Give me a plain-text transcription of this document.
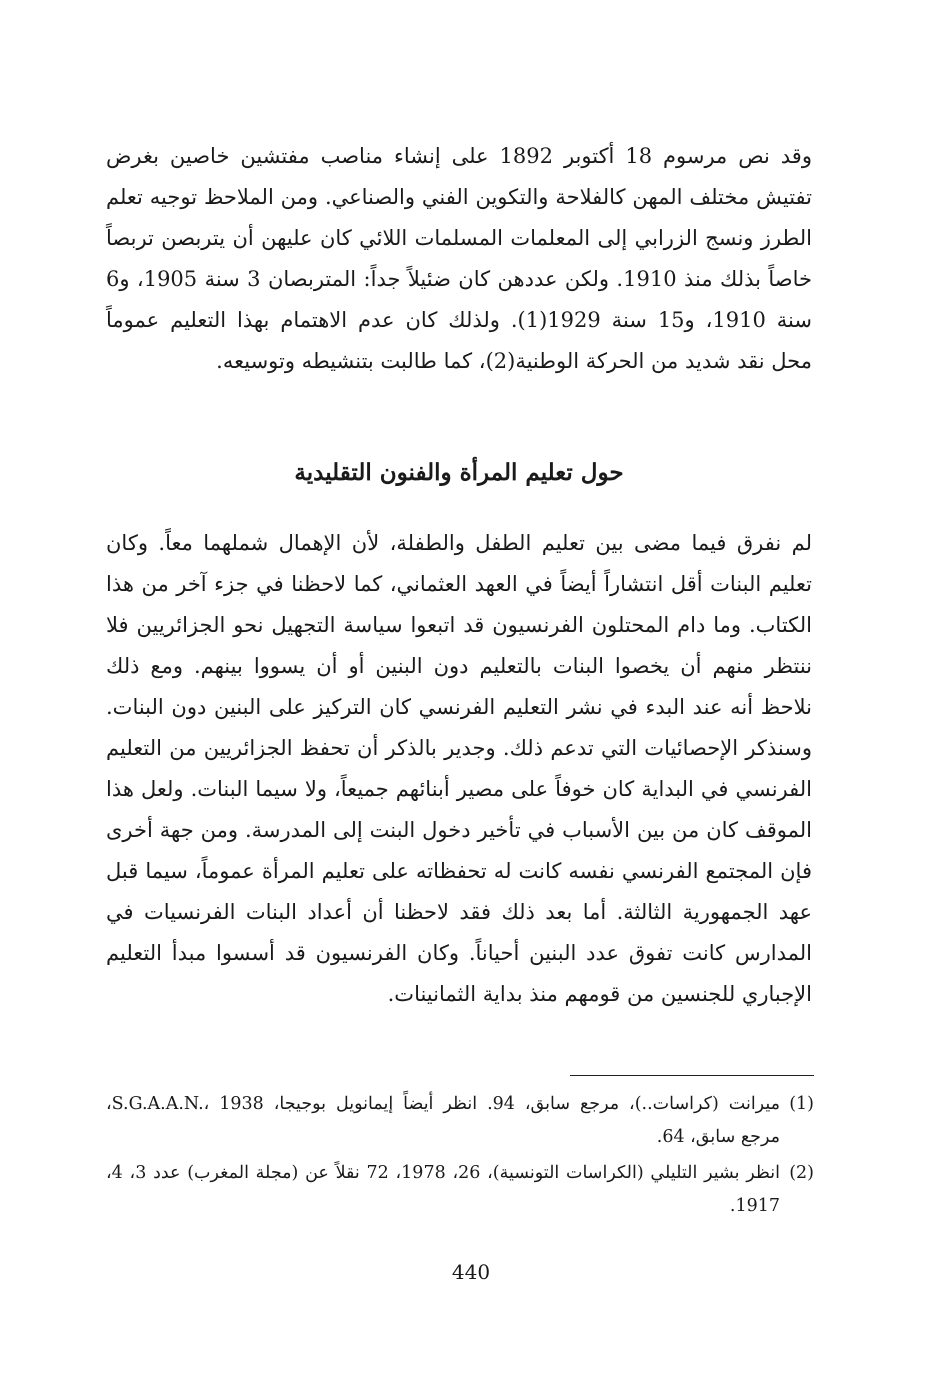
وقد نص مرسوم 18 أكتوبر 1892 على إنشاء مناصب مفتشين خاصين بغرض تفتيش مختلف المهن كالفلاحة والتكوين الفني والصناعي. ومن الملاحظ توجيه تعلم الطرز ونسج الزرابي إلى المعلمات المسلمات اللائي كان عليهن أن يتربصن تربصاً خاصاً بذلك منذ 1910. ولكن عددهن كان ضئيلاً جداً: المتربصان 3 سنة 1905، و6 سنة 1910، و15 سنة 1929(1). ولذلك كان عدم الاهتمام بهذا التعليم عموماً محل نقد شديد من الحركة الوطنية(2)، كما طالبت بتنشيطه وتوسيعه.

حول تعليم المرأة والفنون التقليدية

لم نفرق فيما مضى بين تعليم الطفل والطفلة، لأن الإهمال شملهما معاً. وكان تعليم البنات أقل انتشاراً أيضاً في العهد العثماني، كما لاحظنا في جزء آخر من هذا الكتاب. وما دام المحتلون الفرنسيون قد اتبعوا سياسة التجهيل نحو الجزائريين فلا ننتظر منهم أن يخصوا البنات بالتعليم دون البنين أو أن يسووا بينهم. ومع ذلك نلاحظ أنه عند البدء في نشر التعليم الفرنسي كان التركيز على البنين دون البنات. وسنذكر الإحصائيات التي تدعم ذلك. وجدير بالذكر أن تحفظ الجزائريين من التعليم الفرنسي في البداية كان خوفاً على مصير أبنائهم جميعاً، ولا سيما البنات. ولعل هذا الموقف كان من بين الأسباب في تأخير دخول البنت إلى المدرسة. ومن جهة أخرى فإن المجتمع الفرنسي نفسه كانت له تحفظاته على تعليم المرأة عموماً، سيما قبل عهد الجمهورية الثالثة. أما بعد ذلك فقد لاحظنا أن أعداد البنات الفرنسيات في المدارس كانت تفوق عدد البنين أحياناً. وكان الفرنسيون قد أسسوا مبدأ التعليم الإجباري للجنسين من قومهم منذ بداية الثمانينات.

(1)
ميرانت (كراسات..)، مرجع سابق، 94. انظر أيضاً إيمانويل بوجيجا، S.G.A.A.N.، 1938، مرجع سابق، 64.
(2)
انظر بشير التليلي (الكراسات التونسية)، 26، 1978، 72 نقلاً عن (مجلة المغرب) عدد 3، 4، 1917.
440
